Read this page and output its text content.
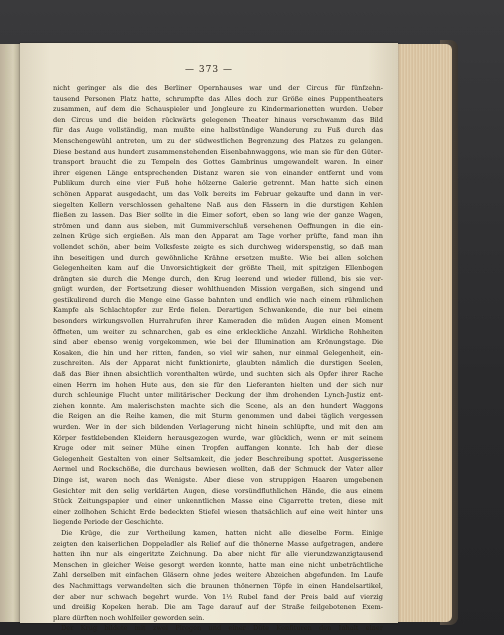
— 373 —
nicht geringer als die des Berliner Opernhauses war und der Circus für fünfzehn-
tausend Personen Platz hatte, schrumpfte das Alles doch zur Größe eines Puppentheaters
zusammen, auf dem die Schauspieler und Jongleure zu Kindermarionetten wurden. Ueber
den Circus und die beiden rückwärts gelegenen Theater hinaus verschwamm das Bild
für das Auge vollständig, man mußte eine halbstündige Wanderung zu Fuß durch das
Menschengewühl antreten, um zu der südwestlichen Begrenzung des Platzes zu gelangen.
Diese bestand aus hundert zusammenstehenden Eisenbahnwaggons, wie man sie für den Güter-
transport braucht die zu Tempeln des Gottes Gambrinus umgewandelt waren. In einer
ihrer eigenen Länge entsprechenden Distanz waren sie von einander entfernt und vom
Publikum durch eine vier Fuß hohe hölzerne Galerie getrennt. Man hatte sich einen
schönen Apparat ausgedacht, um das Volk bereits im Februar gekaufte und dann in ver-
siegelten Kellern verschlossen gehaltene Naß aus den Fässern in die durstigen Kehlen
fließen zu lassen. Das Bier sollte in die Eimer sofort, eben so lang wie der ganze Wagen,
strömen und dann aus sieben, mit Gummiverschluß versehenen Oeffnungen in die ein-
zelnen Krüge sich ergießen. Als man den Apparat am Tage vorher prüfte, fand man ihn
vollendet schön, aber beim Volksfeste zeigte es sich durchweg widerspenstig, so daß man
ihn beseitigen und durch gewöhnliche Krähne ersetzen mußte. Wie bei allen solchen
Gelegenheiten kam auf die Unvorsichtigkeit der größte Theil, mit spitzigen Ellenbogen
drängten sie durch die Menge durch, den Krug leerend und wieder füllend, bis sie ver-
gnügt wurden, der Fortsetzung dieser wohlthuenden Mission vergaßen, sich singend und
gestikulirend durch die Menge eine Gasse bahnten und endlich wie nach einem rühmlichen
Kampfe als Schlachtopfer zur Erde fielen. Derartigen Schwankende, die nur bei einem
besonders wirkungsvollen Hurrahrufen ihrer Kameraden die müden Augen einen Moment
öffneten, um weiter zu schnarchen, gab es eine erkleckliche Anzahl. Wirkliche Rohheiten
sind aber ebenso wenig vorgekommen, wie bei der Illumination am Krönungstage. Die
Kosaken, die hin und her ritten, fanden, so viel wir sahen, nur einmal Gelegenheit, ein-
zuschreiten. Als der Apparat nicht funktionirte, glaubten nämlich die durstigen Seelen,
daß das Bier ihnen absichtlich vorenthalten würde, und suchten sich als Opfer ihrer Rache
einen Herrn im hohen Hute aus, den sie für den Lieferanten hielten und der sich nur
durch schleunige Flucht unter militärischer Deckung der ihm drohenden Lynch-Justiz ent-
ziehen konnte. Am malerischsten machte sich die Scene, als an den hundert Waggons
die Reigen an die Reihe kamen, die mit Sturm genommen und dabei täglich vergessen
wurden. Wer in der sich bildenden Verlagerung nicht hinein schlüpfte, und mit den am
Körper festklebenden Kleidern herausgezogen wurde, war glücklich, wenn er mit seinem
Kruge oder mit seiner Mühe einen Tropfen auffangen konnte. Ich hab der diese
Gelegenheit Gestalten von einer Seltsamkeit, die jeder Beschreibung spottet. Ausgerissene
Aermel und Rockschöße, die durchaus bewiesen wollten, daß der Schmuck der Vater aller
Dinge ist, waren noch das Wenigste. Aber diese von struppigen Haaren umgebenen
Gesichter mit den selig verklärten Augen, diese vorsündfluthlichen Hände, die aus einem
Stück Zeitungspapier und einer unkenntlichen Masse eine Cigarrette treten, diese mit
einer zollhohen Schicht Erde bedeckten Stiefel wiesen thatsächlich auf eine weit hinter uns
liegende Periode der Geschichte.
Die Krüge, die zur Vertheilung kamen, hatten nicht alle dieselbe Form. Einige
zeigten den kaiserlichen Doppeladler als Relief auf die thönerne Masse aufgetragen, andere
hatten ihn nur als eingeritzte Zeichnung. Da aber nicht für alle vierundzwanzigtausend
Menschen in gleicher Weise gesorgt werden konnte, hatte man eine nicht unbeträchtliche
Zahl derselben mit einfachen Gläsern ohne jedes weitere Abzeichen abgefunden. Im Laufe
des Nachmittags verwandelten sich die braunen thönernen Töpfe in einen Handelsartikel,
der aber nur schwach begehrt wurde. Von 1½ Rubel fand der Preis bald auf vierzig
und dreißig Kopeken herab. Die am Tage darauf auf der Straße feilgebotenen Exem-
plare dürften noch wohlfeiler geworden sein.
Der Krug bildete mit zwei Pirogen und einer Düte Konfituren den Inhalt einer
